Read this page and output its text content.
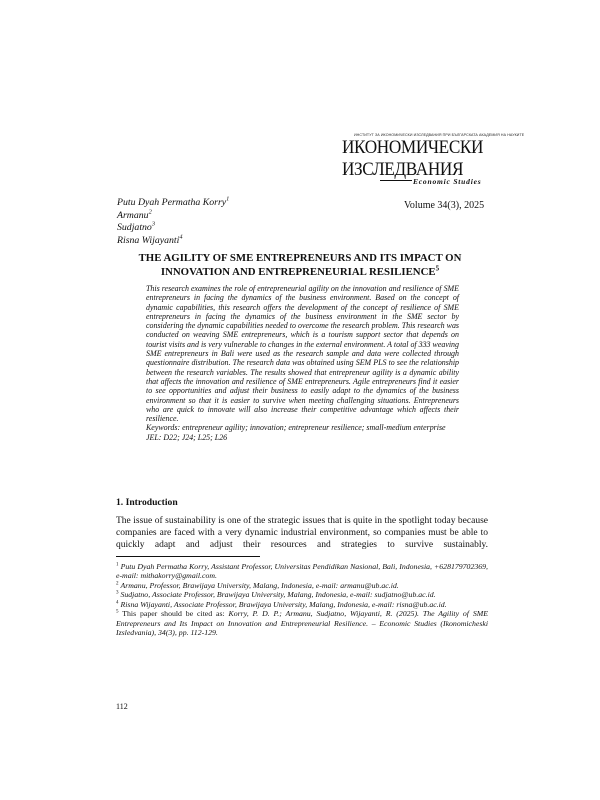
ИНСТИТУТ ЗА ИКОНОМИЧЕСКИ ИЗСЛЕДВАНИЯ ПРИ БЪЛГАРСКАТА АКАДЕМИЯ НА НАУКИТЕ
ИКОНОМИЧЕСКИ
ИЗСЛЕДВАНИЯ
Economic Studies
Putu Dyah Permatha Korry$^1$
Armanu$^2$
Sudjatno$^3$
Risna Wijayanti$^4$
Volume 34(3), 2025
THE AGILITY OF SME ENTREPRENEURS AND ITS IMPACT ON
INNOVATION AND ENTREPRENEURIAL RESILIENCE$^5$

This research examines the role of entrepreneurial agility on the innovation and resilience of SME entrepreneurs in facing the dynamics of the business environment. Based on the concept of dynamic capabilities, this research offers the development of the concept of resilience of SME entrepreneurs in facing the dynamics of the business environment in the SME sector by considering the dynamic capabilities needed to overcome the research problem. This research was conducted on weaving SME entrepreneurs, which is a tourism support sector that depends on tourist visits and is very vulnerable to changes in the external environment. A total of 333 weaving SME entrepreneurs in Bali were used as the research sample and data were collected through questionnaire distribution. The research data was obtained using SEM PLS to see the relationship between the research variables. The results showed that entrepreneur agility is a dynamic ability that affects the innovation and resilience of SME entrepreneurs. Agile entrepreneurs find it easier to see opportunities and adjust their business to easily adapt to the dynamics of the business environment so that it is easier to survive when meeting challenging situations. Entrepreneurs who are quick to innovate will also increase their competitive advantage which affects their resilience.

Keywords: entrepreneur agility; innovation; entrepreneur resilience; small-medium enterprise

JEL: D22; J24; L25; L26

1. Introduction
The issue of sustainability is one of the strategic issues that is quite in the spotlight today because companies are faced with a very dynamic industrial environment, so companies must be able to quickly adapt and adjust their resources and strategies to survive sustainably.

$^1$ Putu Dyah Permatha Korry, Assistant Professor, Universitas Pendidikan Nasional, Bali, Indonesia, +628179702369, e-mail: mithakorry@gmail.com.

$^2$ Armanu, Professor, Brawijaya University, Malang, Indonesia, e-mail: armanu@ub.ac.id.

$^3$ Sudjatno, Associate Professor, Brawijaya University, Malang, Indonesia, e-mail: sudjatno@ub.ac.id.

$^4$ Risna Wijayanti, Associate Professor, Brawijaya University, Malang, Indonesia, e-mail: risna@ub.ac.id.

$^5$ This paper should be cited as: Korry, P. D. P.; Armanu, Sudjatno, Wijayanti, R. (2025). The Agility of SME Entrepreneurs and Its Impact on Innovation and Entrepreneurial Resilience. – Economic Studies (Ikonomicheski Izsledvania), 34(3), pp. 112-129.

112
